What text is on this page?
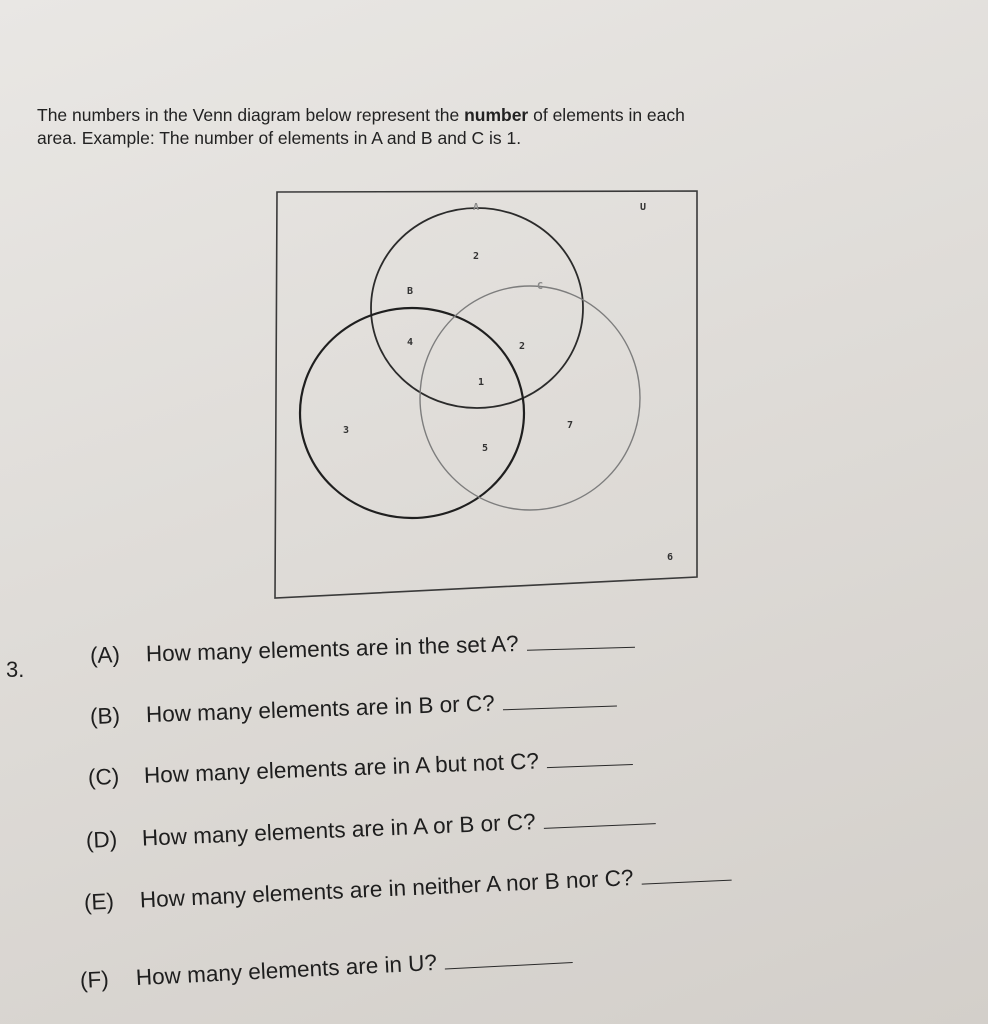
The numbers in the Venn diagram below represent the number of elements in each
area. Example: The number of elements in A and B and C is 1.
U
A
B	C
2
4	2
1
3
5
7
6
3.
(A) How many elements are in the set A?
(B) How many elements are in B or C?
(C) How many elements are in A but not C?
(D) How many elements are in A or B or C?
(E) How many elements are in neither A nor B nor C?
(F) How many elements are in U?
